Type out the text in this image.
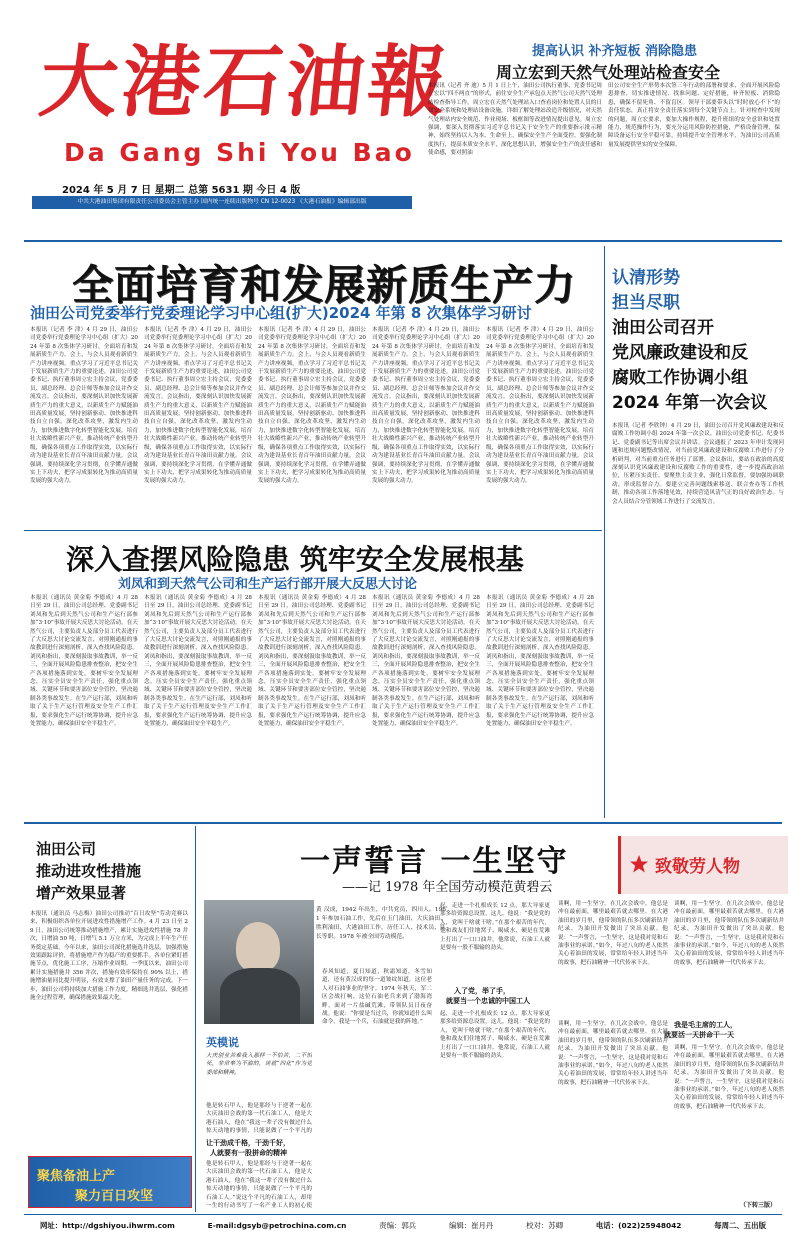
大港石油報
Da Gang Shi You Bao
2024 年 5 月 7 日 星期二 总第 5631 期 今日 4 版
中共大港油田集团有限责任公司委员会主管主办 国内统一连续出版物号 CN 12-0023 《大港石油报》编辑部出版
提高认识 补齐短板 消除隐患
周立宏到天然气处理站检查安全
本报讯（记者 齐 迪）5 月 1 日上午，油田公司执行董事、党委书记周立宏以“四不两直”的形式，前往安全生产承包点天然气公司天然气处理站检查指导工作。周立宏在天然气处理站入口查看岗位和处置人员的日常安全系统和处理站设备设施，详细了解处理站改造升级情况，对天然气处理站内安全规范、作业现场、板框图等改进情况提出意见。周立宏强调，要深入贯彻落实习近平总书记关于安全生产的重要指示批示精神，始终坚持以人为本、生命至上，确保安全生产全面受控。要强化制度执行，提高本质安全水平，深化思想认识，增强安全生产的责任感和使命感，要对照油
田公司安全生产形势本次签三年行动的部署和要求，全面开展风险隐患排查，切实推进情况、找准问题、定好措施，补齐短板、消除隐患，确保不留死角、不留盲区。领导干部要带头以“时时放心不下”的责任状态，真正将安全责任落实到每个关键节点上。针对检查中发现的问题，周立宏要求，要加大操作规程，提升班组的安全意识和处置能力，规范操作行为，要充分运用风险防控措施，严格设备管理，保障设备运行安全平稳可靠，持续提升安全管理水平，为油田公司高质量发展提供坚实的安全保障。
全面培育和发展新质生产力
油田公司党委举行党委理论学习中心组(扩大)2024 年第 8 次集体学习研讨
本报讯（记者 李 津）4 月 29 日，油田公司党委举行党委理论学习中心组（扩大）2024 年第 8 次集体学习研讨，全面培育和发展新质生产力。会上，与会人员观看新质生产力讲座视频，重点学习了习近平总书记关于发展新质生产力的重要论述，油田公司党委书记、执行董事周立宏主持会议，党委委员、副总经理、总会计师等参加会议并作交流发言。会议指出，要深刻认识加快发展新质生产力的重大意义，以新质生产力赋能油田高质量发展，坚持创新驱动、加快推进科技自立自强，深化改革攻坚，激发内生动力，加快推进数字化转型智能化发展，培育壮大战略性新兴产业，推动传统产业转型升级，确保各项重点工作取得实效，以实际行动为建设基业长青百年油田贡献力量。会议强调，要持续深化学习贯彻，在学懂弄通做实上下功夫，把学习成果转化为推动高质量发展的强大动力。
本报讯（记者 李 津）4 月 29 日，油田公司党委举行党委理论学习中心组（扩大）2024 年第 8 次集体学习研讨，全面培育和发展新质生产力。会上，与会人员观看新质生产力讲座视频，重点学习了习近平总书记关于发展新质生产力的重要论述，油田公司党委书记、执行董事周立宏主持会议，党委委员、副总经理、总会计师等参加会议并作交流发言。会议指出，要深刻认识加快发展新质生产力的重大意义，以新质生产力赋能油田高质量发展，坚持创新驱动、加快推进科技自立自强，深化改革攻坚，激发内生动力，加快推进数字化转型智能化发展，培育壮大战略性新兴产业，推动传统产业转型升级，确保各项重点工作取得实效，以实际行动为建设基业长青百年油田贡献力量。会议强调，要持续深化学习贯彻，在学懂弄通做实上下功夫，把学习成果转化为推动高质量发展的强大动力。
本报讯（记者 李 津）4 月 29 日，油田公司党委举行党委理论学习中心组（扩大）2024 年第 8 次集体学习研讨，全面培育和发展新质生产力。会上，与会人员观看新质生产力讲座视频，重点学习了习近平总书记关于发展新质生产力的重要论述，油田公司党委书记、执行董事周立宏主持会议，党委委员、副总经理、总会计师等参加会议并作交流发言。会议指出，要深刻认识加快发展新质生产力的重大意义，以新质生产力赋能油田高质量发展，坚持创新驱动、加快推进科技自立自强，深化改革攻坚，激发内生动力，加快推进数字化转型智能化发展，培育壮大战略性新兴产业，推动传统产业转型升级，确保各项重点工作取得实效，以实际行动为建设基业长青百年油田贡献力量。会议强调，要持续深化学习贯彻，在学懂弄通做实上下功夫，把学习成果转化为推动高质量发展的强大动力。
本报讯（记者 李 津）4 月 29 日，油田公司党委举行党委理论学习中心组（扩大）2024 年第 8 次集体学习研讨，全面培育和发展新质生产力。会上，与会人员观看新质生产力讲座视频，重点学习了习近平总书记关于发展新质生产力的重要论述，油田公司党委书记、执行董事周立宏主持会议，党委委员、副总经理、总会计师等参加会议并作交流发言。会议指出，要深刻认识加快发展新质生产力的重大意义，以新质生产力赋能油田高质量发展，坚持创新驱动、加快推进科技自立自强，深化改革攻坚，激发内生动力，加快推进数字化转型智能化发展，培育壮大战略性新兴产业，推动传统产业转型升级，确保各项重点工作取得实效，以实际行动为建设基业长青百年油田贡献力量。会议强调，要持续深化学习贯彻，在学懂弄通做实上下功夫，把学习成果转化为推动高质量发展的强大动力。
本报讯（记者 李 津）4 月 29 日，油田公司党委举行党委理论学习中心组（扩大）2024 年第 8 次集体学习研讨，全面培育和发展新质生产力。会上，与会人员观看新质生产力讲座视频，重点学习了习近平总书记关于发展新质生产力的重要论述，油田公司党委书记、执行董事周立宏主持会议，党委委员、副总经理、总会计师等参加会议并作交流发言。会议指出，要深刻认识加快发展新质生产力的重大意义，以新质生产力赋能油田高质量发展，坚持创新驱动、加快推进科技自立自强，深化改革攻坚，激发内生动力，加快推进数字化转型智能化发展，培育壮大战略性新兴产业，推动传统产业转型升级，确保各项重点工作取得实效，以实际行动为建设基业长青百年油田贡献力量。会议强调，要持续深化学习贯彻，在学懂弄通做实上下功夫，把学习成果转化为推动高质量发展的强大动力。
认清形势
担当尽职
油田公司召开
党风廉政建设和反
腐败工作协调小组
2024 年第一次会议
本报讯（记者 李欣钟）4 月 29 日，油田公司召开党风廉政建设和反腐败工作协调小组 2024 年第一次会议。油田公司党委书记、纪委书记、党委副书记等出席会议并讲话。会议通报了 2023 年审计发现问题和违规问题整改情况，对当前党风廉政建设和反腐败工作进行了分析研判，对当前重点任务进行了部署。会议指出，要站在政治的高度深刻认识党风廉政建设和反腐败工作的重要性，进一步提高政治站位，压紧压实责任。要聚焦主责主业，强化日常监督，要加强协调联动，形成监督合力。要建立完善问题线索移送、联合查办等工作机制，推动各项工作落地见效，持续营造风清气正的良好政治生态。与会人员结合分管领域工作进行了交流发言。
深入查摆风险隐患 筑牢安全发展根基
刘凤和到天然气公司和生产运行部开展大反思大讨论
本报讯（通讯员 黄金菊 李德成）4 月 28 日至 29 日，油田公司总经理、党委副书记刘凤和先后到天然气公司和生产运行部参加“3·10”事故开展大反思大讨论活动。在天然气公司，主要负责人及部分员工代表进行了大反思大讨论交流发言，对照刚通报的事故教训进行深刻剖析，深入查找风险隐患。刘凤和指出，要深刻汲取事故教训，举一反三，全面开展风险隐患排查整治，把安全生产各项措施落到实处。要树牢安全发展理念，压实全员安全生产责任，强化重点领域、关键环节和要害部位安全管控，坚决遏制各类事故发生。在生产运行部，刘凤和听取了关于生产运行管理及安全生产工作汇报，要求强化生产运行统筹协调，提升应急处置能力，确保油田安全平稳生产。
本报讯（通讯员 黄金菊 李德成）4 月 28 日至 29 日，油田公司总经理、党委副书记刘凤和先后到天然气公司和生产运行部参加“3·10”事故开展大反思大讨论活动。在天然气公司，主要负责人及部分员工代表进行了大反思大讨论交流发言，对照刚通报的事故教训进行深刻剖析，深入查找风险隐患。刘凤和指出，要深刻汲取事故教训，举一反三，全面开展风险隐患排查整治，把安全生产各项措施落到实处。要树牢安全发展理念，压实全员安全生产责任，强化重点领域、关键环节和要害部位安全管控，坚决遏制各类事故发生。在生产运行部，刘凤和听取了关于生产运行管理及安全生产工作汇报，要求强化生产运行统筹协调，提升应急处置能力，确保油田安全平稳生产。
本报讯（通讯员 黄金菊 李德成）4 月 28 日至 29 日，油田公司总经理、党委副书记刘凤和先后到天然气公司和生产运行部参加“3·10”事故开展大反思大讨论活动。在天然气公司，主要负责人及部分员工代表进行了大反思大讨论交流发言，对照刚通报的事故教训进行深刻剖析，深入查找风险隐患。刘凤和指出，要深刻汲取事故教训，举一反三，全面开展风险隐患排查整治，把安全生产各项措施落到实处。要树牢安全发展理念，压实全员安全生产责任，强化重点领域、关键环节和要害部位安全管控，坚决遏制各类事故发生。在生产运行部，刘凤和听取了关于生产运行管理及安全生产工作汇报，要求强化生产运行统筹协调，提升应急处置能力，确保油田安全平稳生产。
本报讯（通讯员 黄金菊 李德成）4 月 28 日至 29 日，油田公司总经理、党委副书记刘凤和先后到天然气公司和生产运行部参加“3·10”事故开展大反思大讨论活动。在天然气公司，主要负责人及部分员工代表进行了大反思大讨论交流发言，对照刚通报的事故教训进行深刻剖析，深入查找风险隐患。刘凤和指出，要深刻汲取事故教训，举一反三，全面开展风险隐患排查整治，把安全生产各项措施落到实处。要树牢安全发展理念，压实全员安全生产责任，强化重点领域、关键环节和要害部位安全管控，坚决遏制各类事故发生。在生产运行部，刘凤和听取了关于生产运行管理及安全生产工作汇报，要求强化生产运行统筹协调，提升应急处置能力，确保油田安全平稳生产。
本报讯（通讯员 黄金菊 李德成）4 月 28 日至 29 日，油田公司总经理、党委副书记刘凤和先后到天然气公司和生产运行部参加“3·10”事故开展大反思大讨论活动。在天然气公司，主要负责人及部分员工代表进行了大反思大讨论交流发言，对照刚通报的事故教训进行深刻剖析，深入查找风险隐患。刘凤和指出，要深刻汲取事故教训，举一反三，全面开展风险隐患排查整治，把安全生产各项措施落到实处。要树牢安全发展理念，压实全员安全生产责任，强化重点领域、关键环节和要害部位安全管控，坚决遏制各类事故发生。在生产运行部，刘凤和听取了关于生产运行管理及安全生产工作汇报，要求强化生产运行统筹协调，提升应急处置能力，确保油田安全平稳生产。
油田公司
推动进攻性措施
增产效果显著
本报讯（通讯员 马志梅）油田公司推动“百日攻坚”劳动竞赛以来，积极组织各单位开展进攻性措施增产工作。4 月 23 日至 29 日，油田公司统筹推动措施增产，累计实施进攻性措施 78 井次，日增油 50 吨，日增气 5.1 万立方米，为完成上半年生产任务奠定基础。今年以来，油田公司深化措施选井选层，加强措施效果跟踪评价，将措施增产作为稳产的重要抓手。各单位紧盯措施节点，优化施工工序，压缩作业周期。一季度以来，油田公司累计实施措施井 356 井次，措施有效率保持在 90% 以上，措施增油量同比提升明显，有效支撑了油田产量任务的完成。下一步，油田公司将持续加大措施工作力度，精细选井选层，强化措施全过程管理，确保措施效果最大化。
聚焦备油上产
聚力百日攻坚
一声誓言 一生坚守
——记 1978 年全国劳动模范黄碧云
致敬劳人物
黄 汉成，1942 年出生，中共党员，四川人。1961 年参加石油工作，先后在玉门油田、大庆油田、胜利油田、大港油田工作，历任工人、技术员、队长等职。1978 年被全国劳动模范。
英模说
大庆创业苦难我入那样一不怕苦，二不怕死，非常奉为不渝的，谈就“四化”作为党委部和精神。
他是转石甲人，他是那经与于逆著一起在大庆油田会战的第一代石油工人，他是大港石油人，他在“我这一辈子没有做过什么惊天动地的事情，只能说做了一个平凡的
让干劲成千格，干劲千好，
人就要有一股拼命的精神
他是转石甲人，他是那经与于逆著一起在大庆油田会战的第一代石油工人，他是大港石油人，他在“我这一辈子没有做过什么惊天动地的事情，只能说做了一个平凡的石油工人。”说这个平凡的石油工人，却用一生的行动书写了一名产业工人的初心使
春风知道，夏日知道，秋霜知道，冬雪知道，还有黄汉成的每一道皱纹知道，这位老人对石油事业的坚守。1974 年秋天，军二区会战打响。这位石油老兵来到了渤海湾畔，面对一片盐碱荒滩，带领队员日夜奋战。他说：“你要是当过兵，你就知道什么叫命令，我是一个兵，石油就是我的阵地。”
起，走进一个扎根成长 12 点，那大导家更那多给资源总设置，这儿，他说：“我是党的人，党叫干啥就干啥。”在那个艰苦的年代，他和战友们住地窝子、喝咸水，硬是在荒滩上打出了一口口油井。他常说，石油工人就是要有一股不服输的劲头。
入了党，举了手，
就要当一个忠诚的中国工人
起，走进一个扎根成长 12 点，那大导家更那多给资源总设置，这儿，他说：“我是党的人，党叫干啥就干啥。”在那个艰苦的年代，他和战友们住地窝子、喝咸水，硬是在荒滩上打出了一口口油井。他常说，石油工人就是要有一股不服输的劲头。
谈啊，用一生坚守。在几次会战中，他总是冲在最前面，哪里最艰苦就去哪里。在大港油田的岁月里，他带领的队伍多次刷新钻井纪录，为油田开发做出了突出贡献。他说：“一声誓言，一生坚守，这是我对党和石油事业的承诺。”如今，年过八旬的老人依然关心着油田的发展，常常给年轻人讲述当年的故事，把石油精神一代代传承下去。
谈啊，用一生坚守。在几次会战中，他总是冲在最前面，哪里最艰苦就去哪里。在大港油田的岁月里，他带领的队伍多次刷新钻井纪录，为油田开发做出了突出贡献。他说：“一声誓言，一生坚守，这是我对党和石油事业的承诺。”如今，年过八旬的老人依然关心着油田的发展，常常给年轻人讲述当年的故事，把石油精神一代代传承下去。
我是毛主席的工人，
就要活一天拼命干一天
谈啊，用一生坚守。在几次会战中，他总是冲在最前面，哪里最艰苦就去哪里。在大港油田的岁月里，他带领的队伍多次刷新钻井纪录，为油田开发做出了突出贡献。他说：“一声誓言，一生坚守，这是我对党和石油事业的承诺。”如今，年过八旬的老人依然关心着油田的发展，常常给年轻人讲述当年的故事，把石油精神一代代传承下去。
谈啊，用一生坚守。在几次会战中，他总是冲在最前面，哪里最艰苦就去哪里。在大港油田的岁月里，他带领的队伍多次刷新钻井纪录，为油田开发做出了突出贡献。他说：“一声誓言，一生坚守，这是我对党和石油事业的承诺。”如今，年过八旬的老人依然关心着油田的发展，常常给年轻人讲述当年的故事，把石油精神一代代传承下去。
（下转三版）
网址：http://dgshiyou.ihwrm.com	E-mail:dgsyb@petrochina.com.cn	责编：郭兵	编辑：崔月丹	校对：苏卿	电话：(022)25948042	每周二、五出版
